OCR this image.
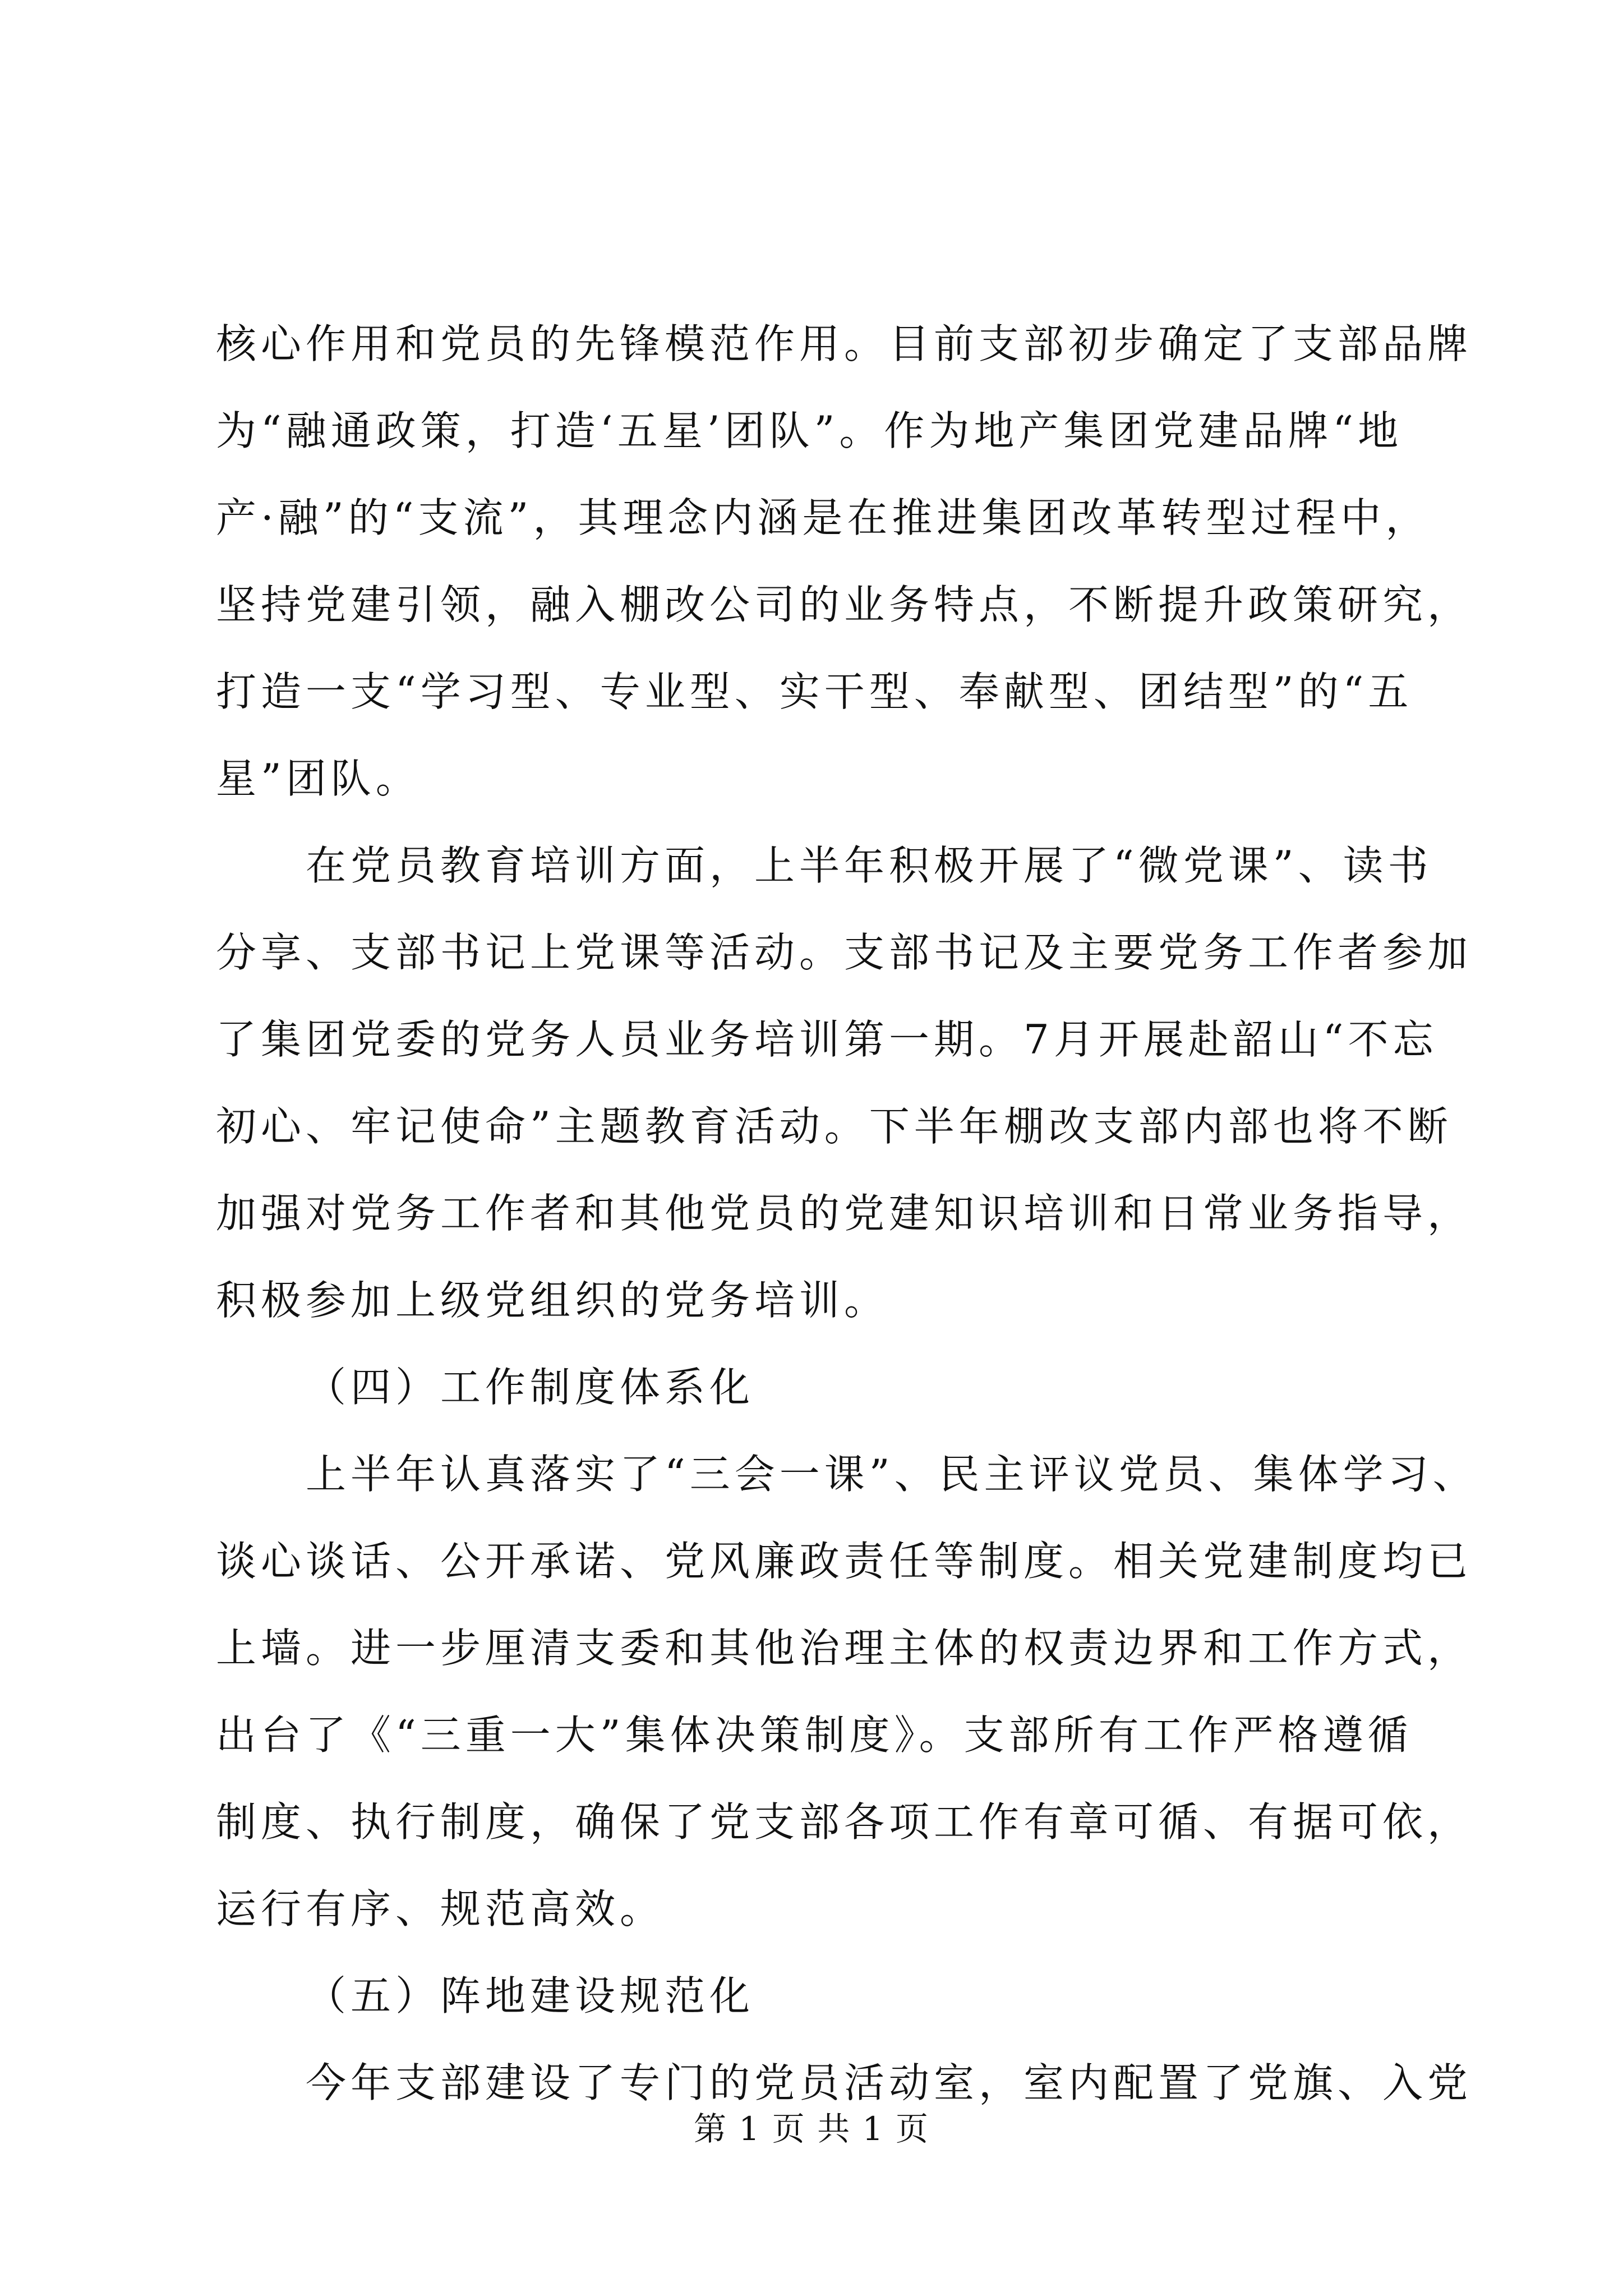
核心作用和党员的先锋模范作用。目前支部初步确定了支部品牌
为“融通政策，打造‘五星’团队”。作为地产集团党建品牌“地
产·融”的“支流”，其理念内涵是在推进集团改革转型过程中，
坚持党建引领，融入棚改公司的业务特点，不断提升政策研究，
打造一支“学习型、专业型、实干型、奉献型、团结型”的“五
星”团队。
在党员教育培训方面，上半年积极开展了“微党课”、读书
分享、支部书记上党课等活动。支部书记及主要党务工作者参加
了集团党委的党务人员业务培训第一期。7月开展赴韶山“不忘
初心、牢记使命”主题教育活动。下半年棚改支部内部也将不断
加强对党务工作者和其他党员的党建知识培训和日常业务指导，
积极参加上级党组织的党务培训。
（四）工作制度体系化
上半年认真落实了“三会一课”、民主评议党员、集体学习、
谈心谈话、公开承诺、党风廉政责任等制度。相关党建制度均已
上墙。进一步厘清支委和其他治理主体的权责边界和工作方式，
出台了《“三重一大”集体决策制度》。支部所有工作严格遵循
制度、执行制度，确保了党支部各项工作有章可循、有据可依，
运行有序、规范高效。
（五）阵地建设规范化
今年支部建设了专门的党员活动室，室内配置了党旗、入党
第 1 页 共 1 页
